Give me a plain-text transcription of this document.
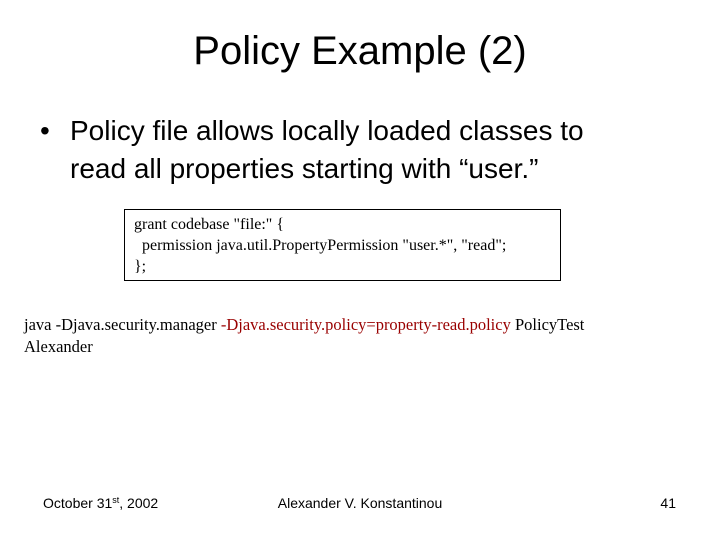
Policy Example (2)
• Policy file allows locally loaded classes to
read all properties starting with “user.”
grant codebase "file:" {
permission java.util.PropertyPermission "user.*", "read";
};
java -Djava.security.manager -Djava.security.policy=property-read.policy PolicyTest
Alexander
October 31st, 2002	Alexander V. Konstantinou	41
